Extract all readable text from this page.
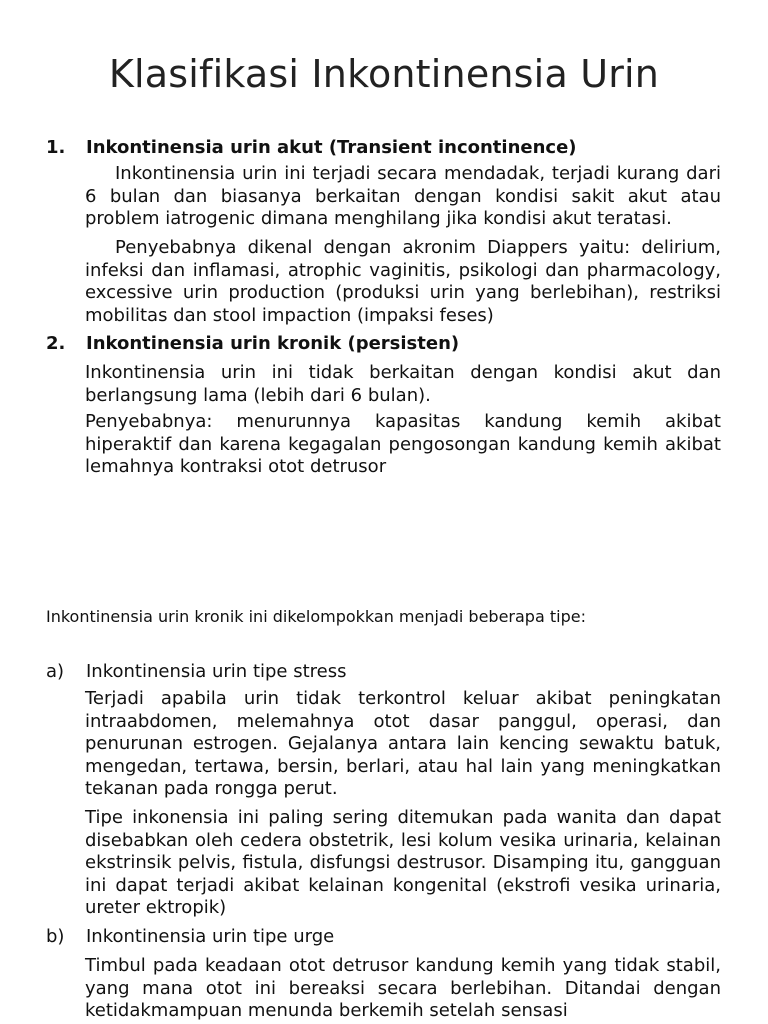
Klasifikasi Inkontinensia Urin
1. Inkontinensia urin akut (Transient incontinence)
Inkontinensia urin ini terjadi secara mendadak, terjadi kurang dari 6 bulan dan biasanya berkaitan dengan kondisi sakit akut atau problem iatrogenic dimana menghilang jika kondisi akut teratasi.
Penyebabnya dikenal dengan akronim Diappers yaitu: delirium, infeksi dan inflamasi, atrophic vaginitis, psikologi dan pharmacology, excessive urin production (produksi urin yang berlebihan), restriksi mobilitas dan stool impaction (impaksi feses)
2. Inkontinensia urin kronik (persisten)
Inkontinensia urin ini tidak berkaitan dengan kondisi akut dan berlangsung lama (lebih dari 6 bulan).
Penyebabnya: menurunnya kapasitas kandung kemih akibat hiperaktif dan karena kegagalan pengosongan kandung kemih akibat lemahnya kontraksi otot detrusor
Inkontinensia urin kronik ini dikelompokkan menjadi beberapa tipe:
a) Inkontinensia urin tipe stress
Terjadi apabila urin tidak terkontrol keluar akibat peningkatan intraabdomen, melemahnya otot dasar panggul, operasi, dan penurunan estrogen. Gejalanya antara lain kencing sewaktu batuk, mengedan, tertawa, bersin, berlari, atau hal lain yang meningkatkan tekanan pada rongga perut.
Tipe inkonensia ini paling sering ditemukan pada wanita dan dapat disebabkan oleh cedera obstetrik, lesi kolum vesika urinaria, kelainan ekstrinsik pelvis, fistula, disfungsi destrusor. Disamping itu, gangguan ini dapat terjadi akibat kelainan kongenital (ekstrofi vesika urinaria, ureter ektropik)
b) Inkontinensia urin tipe urge
Timbul pada keadaan otot detrusor kandung kemih yang tidak stabil, yang mana otot ini bereaksi secara berlebihan. Ditandai dengan ketidakmampuan menunda berkemih setelah sensasi
